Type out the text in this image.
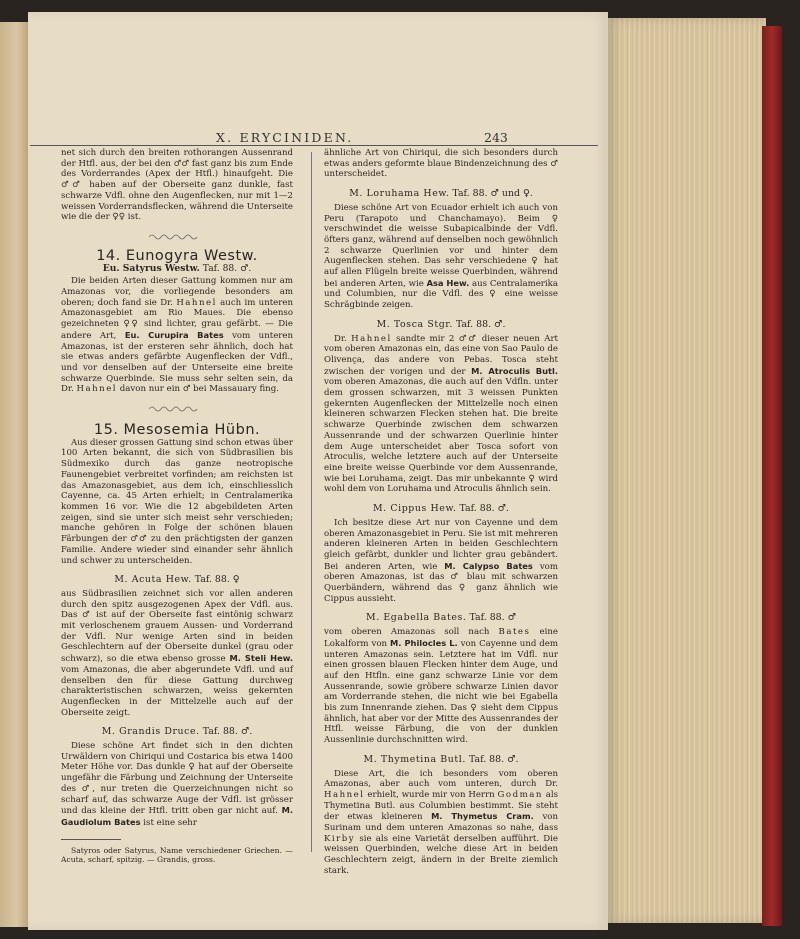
X. ERYCINIDEN.	243

net sich durch den breiten rothorangen Aussenrand der Htfl. aus, der bei den ♂♂ fast ganz bis zum Ende des Vorderrandes (Apex der Htfl.) hinaufgeht. Die ♂♂ haben auf der Oberseite ganz dunkle, fast schwarze Vdfl. ohne den Augenflecken, nur mit 1—2 weissen Vorderrandsflecken, während die Unterseite wie die der ♀♀ ist.

14. Eunogyra Westw.
Eu. Satyrus Westw. Taf. 88. ♂.

Die beiden Arten dieser Gattung kommen nur am Amazonas vor, die vorliegende besonders am oberen; doch fand sie Dr. Hahnel auch im unteren Amazonasgebiet am Rio Maues. Die ebenso gezeichneten ♀♀ sind lichter, grau gefärbt. — Die andere Art, Eu. Curupira Bates vom unteren Amazonas, ist der ersteren sehr ähnlich, doch hat sie etwas anders gefärbte Augenflecken der Vdfl., und vor denselben auf der Unterseite eine breite schwarze Querbinde. Sie muss sehr selten sein, da Dr. Hahnel davon nur ein ♂ bei Massauary fing.

15. Mesosemia Hübn.

Aus dieser grossen Gattung sind schon etwas über 100 Arten bekannt, die sich von Südbrasilien bis Südmexiko durch das ganze neotropische Faunengebiet verbreitet vorfinden; am reichsten ist das Amazonasgebiet, aus dem ich, einschliesslich Cayenne, ca. 45 Arten erhielt; in Centralamerika kommen 16 vor. Wie die 12 abgebildeten Arten zeigen, sind sie unter sich meist sehr verschieden; manche gehören in Folge der schönen blauen Färbungen der ♂♂ zu den prächtigsten der ganzen Familie. Andere wieder sind einander sehr ähnlich und schwer zu unterscheiden.

M. Acuta Hew. Taf. 88. ♀

aus Südbrasilien zeichnet sich vor allen anderen durch den spitz ausgezogenen Apex der Vdfl. aus. Das ♂ ist auf der Oberseite fast eintönig schwarz mit verloschenem grauem Aussen- und Vorderrand der Vdfl. Nur wenige Arten sind in beiden Geschlechtern auf der Oberseite dunkel (grau oder schwarz), so die etwa ebenso grosse M. Steli Hew. vom Amazonas, die aber abgerundete Vdfl. und auf denselben den für diese Gattung durchweg charakteristischen schwarzen, weiss gekernten Augenflecken in der Mittelzelle auch auf der Oberseite zeigt.

M. Grandis Druce. Taf. 88. ♂.

Diese schöne Art findet sich in den dichten Urwäldern von Chiriqui und Costarica bis etwa 1400 Meter Höhe vor. Das dunkle ♀ hat auf der Oberseite ungefähr die Färbung und Zeichnung der Unterseite des ♂, nur treten die Querzeichnungen nicht so scharf auf, das schwarze Auge der Vdfl. ist grösser und das kleine der Htfl. tritt oben gar nicht auf. M. Gaudiolum Bates ist eine sehr

Satyros oder Satyrus, Name verschiedener Griechen. — Acuta, scharf, spitzig. — Grandis, gross.

ähnliche Art von Chiriqui, die sich besonders durch etwas anders geformte blaue Bindenzeichnung des ♂ unterscheidet.

M. Loruhama Hew. Taf. 88. ♂ und ♀.

Diese schöne Art von Ecuador erhielt ich auch von Peru (Tarapoto und Chanchamayo). Beim ♀ verschwindet die weisse Subapicalbinde der Vdfl. öfters ganz, während auf denselben noch gewöhnlich 2 schwarze Querlinien vor und hinter dem Augenflecken stehen. Das sehr verschiedene ♀ hat auf allen Flügeln breite weisse Querbinden, während bei anderen Arten, wie Asa Hew. aus Centralamerika und Columbien, nur die Vdfl. des ♀ eine weisse Schrägbinde zeigen.

M. Tosca Stgr. Taf. 88. ♂.

Dr. Hahnel sandte mir 2 ♂♂ dieser neuen Art vom oberen Amazonas ein, das eine von Sao Paulo de Olivença, das andere von Pebas. Tosca steht zwischen der vorigen und der M. Atroculis Butl. vom oberen Amazonas, die auch auf den Vdfln. unter dem grossen schwarzen, mit 3 weissen Punkten gekernten Augenflecken der Mittelzelle noch einen kleineren schwarzen Flecken stehen hat. Die breite schwarze Querbinde zwischen dem schwarzen Aussenrande und der schwarzen Querlinie hinter dem Auge unterscheidet aber Tosca sofort von Atroculis, welche letztere auch auf der Unterseite eine breite weisse Querbinde vor dem Aussenrande, wie bei Loruhama, zeigt. Das mir unbekannte ♀ wird wohl dem von Loruhama und Atroculis ähnlich sein.

M. Cippus Hew. Taf. 88. ♂.

Ich besitze diese Art nur von Cayenne und dem oberen Amazonasgebiet in Peru. Sie ist mit mehreren anderen kleineren Arten in beiden Geschlechtern gleich gefärbt, dunkler und lichter grau gebändert. Bei anderen Arten, wie M. Calypso Bates vom oberen Amazonas, ist das ♂ blau mit schwarzen Querbändern, während das ♀ ganz ähnlich wie Cippus aussieht.

M. Egabella Bates. Taf. 88. ♂

vom oberen Amazonas soll nach Bates eine Lokalform von M. Philocles L. von Cayenne und dem unteren Amazonas sein. Letztere hat im Vdfl. nur einen grossen blauen Flecken hinter dem Auge, und auf den Htfln. eine ganz schwarze Linie vor dem Aussenrande, sowie gröbere schwarze Linien davor am Vorderrande stehen, die nicht wie bei Egabella bis zum Innenrande ziehen. Das ♀ sieht dem Cippus ähnlich, hat aber vor der Mitte des Aussenrandes der Htfl. weisse Färbung, die von der dunklen Aussenlinie durchschnitten wird.

M. Thymetina Butl. Taf. 88. ♂.

Diese Art, die ich besonders vom oberen Amazonas, aber auch vom unteren, durch Dr. Hahnel erhielt, wurde mir von Herrn Godman als Thymetina Butl. aus Columbien bestimmt. Sie steht der etwas kleineren M. Thymetus Cram. von Surinam und dem unteren Amazonas so nahe, dass Kirby sie als eine Varietät derselben aufführt. Die weissen Querbinden, welche diese Art in beiden Geschlechtern zeigt, ändern in der Breite ziemlich stark.
